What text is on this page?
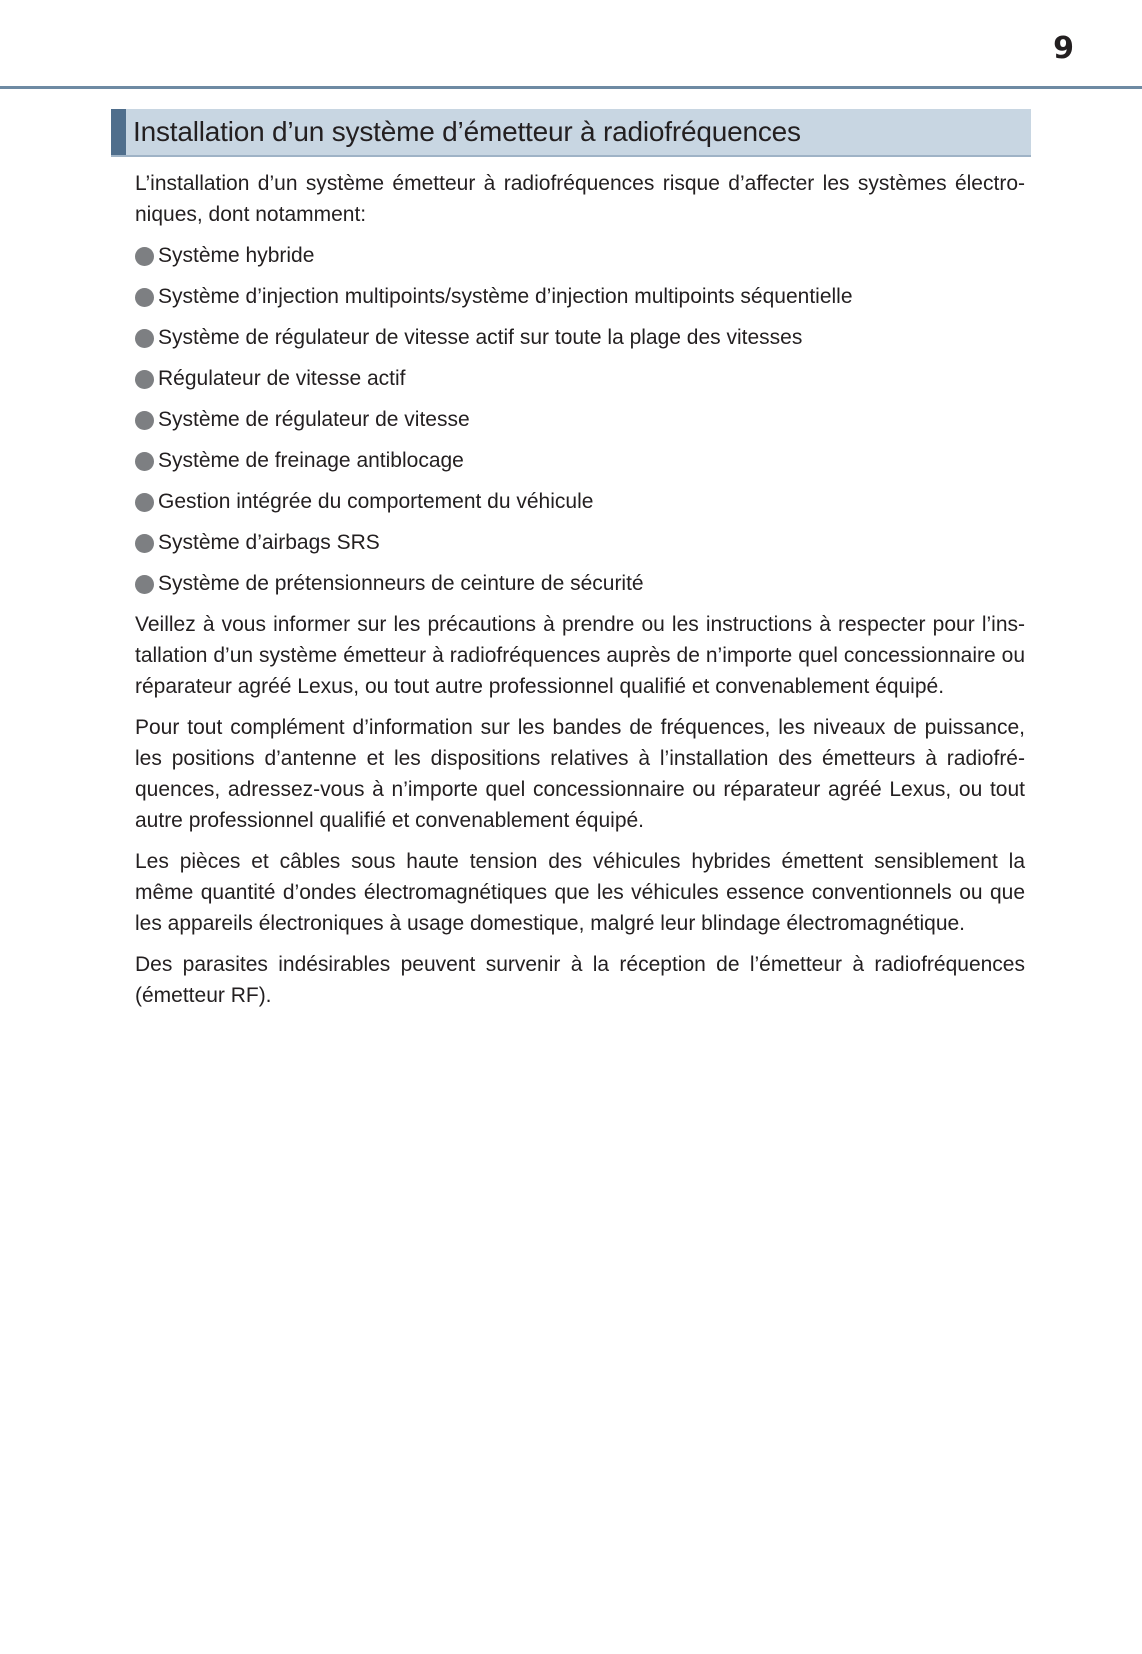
9
Installation d’un système d’émetteur à radiofréquences

L’installation d’un système émetteur à radiofréquences risque d’affecter les systèmes électroniques, dont notamment:

Système hybride
Système d’injection multipoints/système d’injection multipoints séquentielle
Système de régulateur de vitesse actif sur toute la plage des vitesses
Régulateur de vitesse actif
Système de régulateur de vitesse
Système de freinage antiblocage
Gestion intégrée du comportement du véhicule
Système d’airbags SRS
Système de prétensionneurs de ceinture de sécurité

Veillez à vous informer sur les précautions à prendre ou les instructions à respecter pour l’installation d’un système émetteur à radiofréquences auprès de n’importe quel concessionnaire ou réparateur agréé Lexus, ou tout autre professionnel qualifié et convenablement équipé.

Pour tout complément d’information sur les bandes de fréquences, les niveaux de puissance, les positions d’antenne et les dispositions relatives à l’installation des émetteurs à radiofréquences, adressez-vous à n’importe quel concessionnaire ou réparateur agréé Lexus, ou tout autre professionnel qualifié et convenablement équipé.

Les pièces et câbles sous haute tension des véhicules hybrides émettent sensiblement la même quantité d’ondes électromagnétiques que les véhicules essence conventionnels ou que les appareils électroniques à usage domestique, malgré leur blindage électromagnétique.

Des parasites indésirables peuvent survenir à la réception de l’émetteur à radiofréquences (émetteur RF).
